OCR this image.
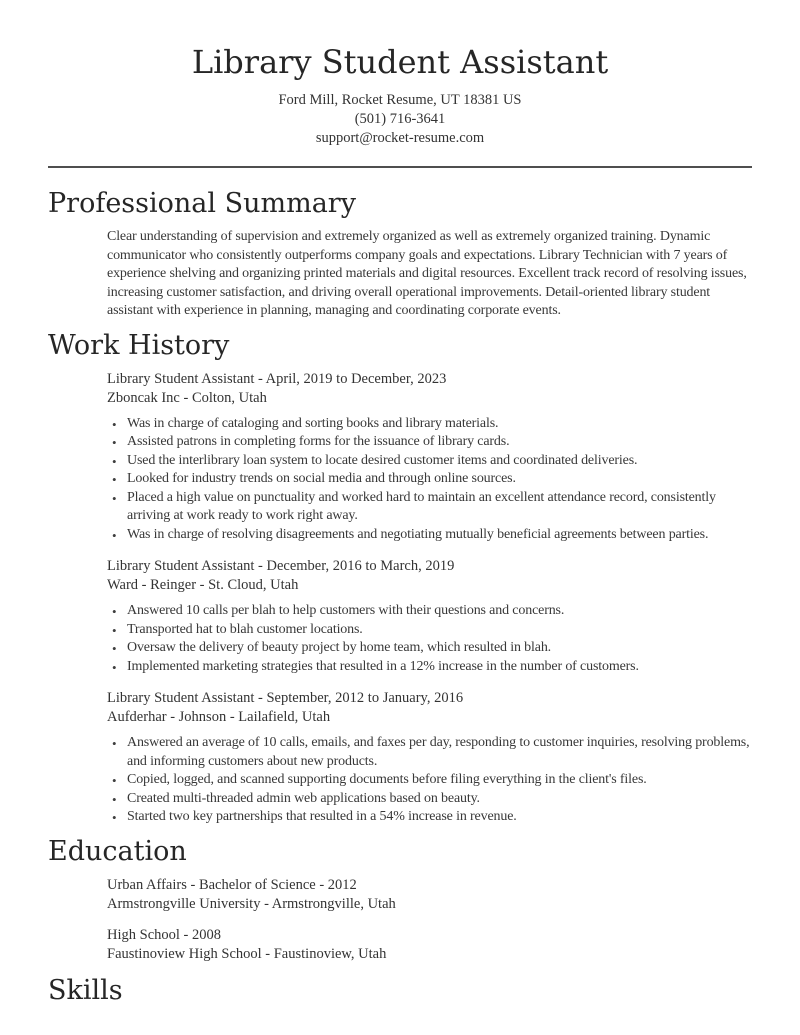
Library Student Assistant
Ford Mill, Rocket Resume, UT 18381 US
(501) 716-3641
support@rocket-resume.com
Professional Summary

Clear understanding of supervision and extremely organized as well as extremely organized training. Dynamic communicator who consistently outperforms company goals and expectations. Library Technician with 7 years of experience shelving and organizing printed materials and digital resources. Excellent track record of resolving issues, increasing customer satisfaction, and driving overall operational improvements. Detail-oriented library student assistant with experience in planning, managing and coordinating corporate events.

Work History
Library Student Assistant - April, 2019 to December, 2023
Zboncak Inc - Colton, Utah
• Was in charge of cataloging and sorting books and library materials.
• Assisted patrons in completing forms for the issuance of library cards.
• Used the interlibrary loan system to locate desired customer items and coordinated deliveries.
• Looked for industry trends on social media and through online sources.
• Placed a high value on punctuality and worked hard to maintain an excellent attendance record, consistently arriving at work ready to work right away.
• Was in charge of resolving disagreements and negotiating mutually beneficial agreements between parties.
Library Student Assistant - December, 2016 to March, 2019
Ward - Reinger - St. Cloud, Utah
• Answered 10 calls per blah to help customers with their questions and concerns.
• Transported hat to blah customer locations.
• Oversaw the delivery of beauty project by home team, which resulted in blah.
• Implemented marketing strategies that resulted in a 12% increase in the number of customers.
Library Student Assistant - September, 2012 to January, 2016
Aufderhar - Johnson - Lailafield, Utah
• Answered an average of 10 calls, emails, and faxes per day, responding to customer inquiries, resolving problems, and informing customers about new products.
• Copied, logged, and scanned supporting documents before filing everything in the client's files.
• Created multi-threaded admin web applications based on beauty.
• Started two key partnerships that resulted in a 54% increase in revenue.
Education
Urban Affairs - Bachelor of Science - 2012
Armstrongville University - Armstrongville, Utah
High School - 2008
Faustinoview High School - Faustinoview, Utah
Skills
